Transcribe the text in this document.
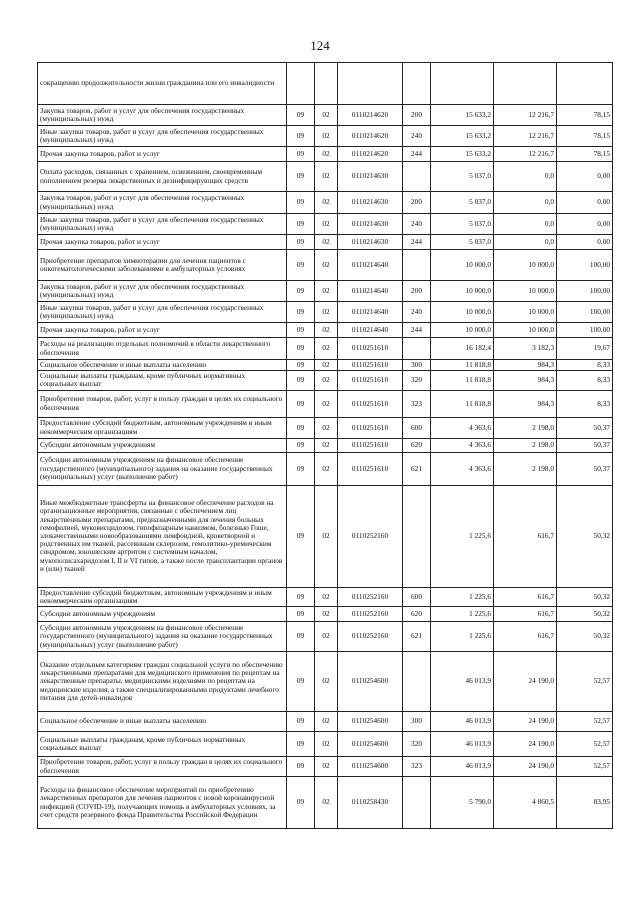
124
сокращению продолжительности жизни гражданина или его инвалидности							
Закупка товаров, работ и услуг для обеспечения государственных (муниципальных) нужд	09	02	0110214620	200	15 633,2	12 216,7	78,15
Иные закупки товаров, работ и услуг для обеспечения государственных (муниципальных) нужд	09	02	0110214620	240	15 633,2	12 216,7	78,15
Прочая закупка товаров, работ и услуг	09	02	0110214620	244	15 633,2	12 216,7	78,15
Оплата расходов, связанных с хранением, освежением, своевременным пополнением резерва лекарственных и дезинфицирующих средств	09	02	0110214630		5 037,0	0,0	0,00
Закупка товаров, работ и услуг для обеспечения государственных (муниципальных) нужд	09	02	0110214630	200	5 037,0	0,0	0,00
Иные закупки товаров, работ и услуг для обеспечения государственных (муниципальных) нужд	09	02	0110214630	240	5 037,0	0,0	0,00
Прочая закупка товаров, работ и услуг	09	02	0110214630	244	5 037,0	0,0	0,00
Приобретение препаратов химиотерапии для лечения пациентов с онкогематологическими заболеваниями в амбулаторных условиях	09	02	0110214640		10 000,0	10 000,0	100,00
Закупка товаров, работ и услуг для обеспечения государственных (муниципальных) нужд	09	02	0110214640	200	10 000,0	10 000,0	100,00
Иные закупки товаров, работ и услуг для обеспечения государственных (муниципальных) нужд	09	02	0110214640	240	10 000,0	10 000,0	100,00
Прочая закупка товаров, работ и услуг	09	02	0110214640	244	10 000,0	10 000,0	100,00
Расходы на реализацию отдельных полномочий в области лекарственного обеспечения	09	02	0110251610		16 182,4	3 182,3	19,67
Социальное обеспечение и иные выплаты населению	09	02	0110251610	300	11 818,8	984,3	8,33
Социальные выплаты гражданам, кроме публичных нормативных социальных выплат	09	02	0110251610	320	11 818,8	984,3	8,33
Приобретение товаров, работ, услуг в пользу граждан в целях их социального обеспечения	09	02	0110251610	323	11 818,8	984,3	8,33
Предоставление субсидий бюджетным, автономным учреждениям и иным некоммерческим организациям	09	02	0110251610	600	4 363,6	2 198,0	50,37
Субсидии автономным учреждениям	09	02	0110251610	620	4 363,6	2 198,0	50,37
Субсидии автономным учреждениям на финансовое обеспечение государственного (муниципального) задания на оказание государственных (муниципальных) услуг (выполнение работ)	09	02	0110251610	621	4 363,6	2 198,0	50,37
Иные межбюджетные трансферты на финансовое обеспечение расходов на организационные мероприятия, связанные с обеспечением лиц лекарственными препаратами, предназначенными для лечения больных гемофилией, муковисцидозом, гипофизарным нанизмом, болезнью Гоше, злокачественными новообразованиями лимфоидной, кроветворной и родственных им тканей, рассеянным склерозом, гемолитико-уремическим синдромом, юношеским артритом с системным началом, мукополисахаридозом I, II и VI типов, а также после трансплантации органов и (или) тканей	09	02	0110252160		1 225,6	616,7	50,32
Предоставление субсидий бюджетным, автономным учреждениям и иным некоммерческим организациям	09	02	0110252160	600	1 225,6	616,7	50,32
Субсидии автономным учреждениям	09	02	0110252160	620	1 225,6	616,7	50,32
Субсидии автономным учреждениям на финансовое обеспечение государственного (муниципального) задания на оказание государственных (муниципальных) услуг (выполнение работ)	09	02	0110252160	621	1 225,6	616,7	50,32
Оказание отдельным категориям граждан социальной услуги по обеспечению лекарственными препаратами для медицинского применения по рецептам на лекарственные препараты, медицинскими изделиями по рецептам на медицинские изделия, а также специализированными продуктами лечебного питания для детей-инвалидов	09	02	0110254600		46 013,9	24 190,0	52,57
Социальное обеспечение и иные выплаты населению	09	02	0110254600	300	46 013,9	24 190,0	52,57
Социальные выплаты гражданам, кроме публичных нормативных социальных выплат	09	02	0110254600	320	46 013,9	24 190,0	52,57
Приобретение товаров, работ, услуг в пользу граждан в целях их социального обеспечения	09	02	0110254600	323	46 013,9	24 190,0	52,57
Расходы на финансовое обеспечение мероприятий по приобретению лекарственных препаратов для лечения пациентов с новой коронавирусной инфекцией (COVID-19), получающих помощь в амбулаторных условиях, за счет средств резервного фонда Правительства Российской Федерации	09	02	0110258430		5 790,0	4 860,5	83,95
